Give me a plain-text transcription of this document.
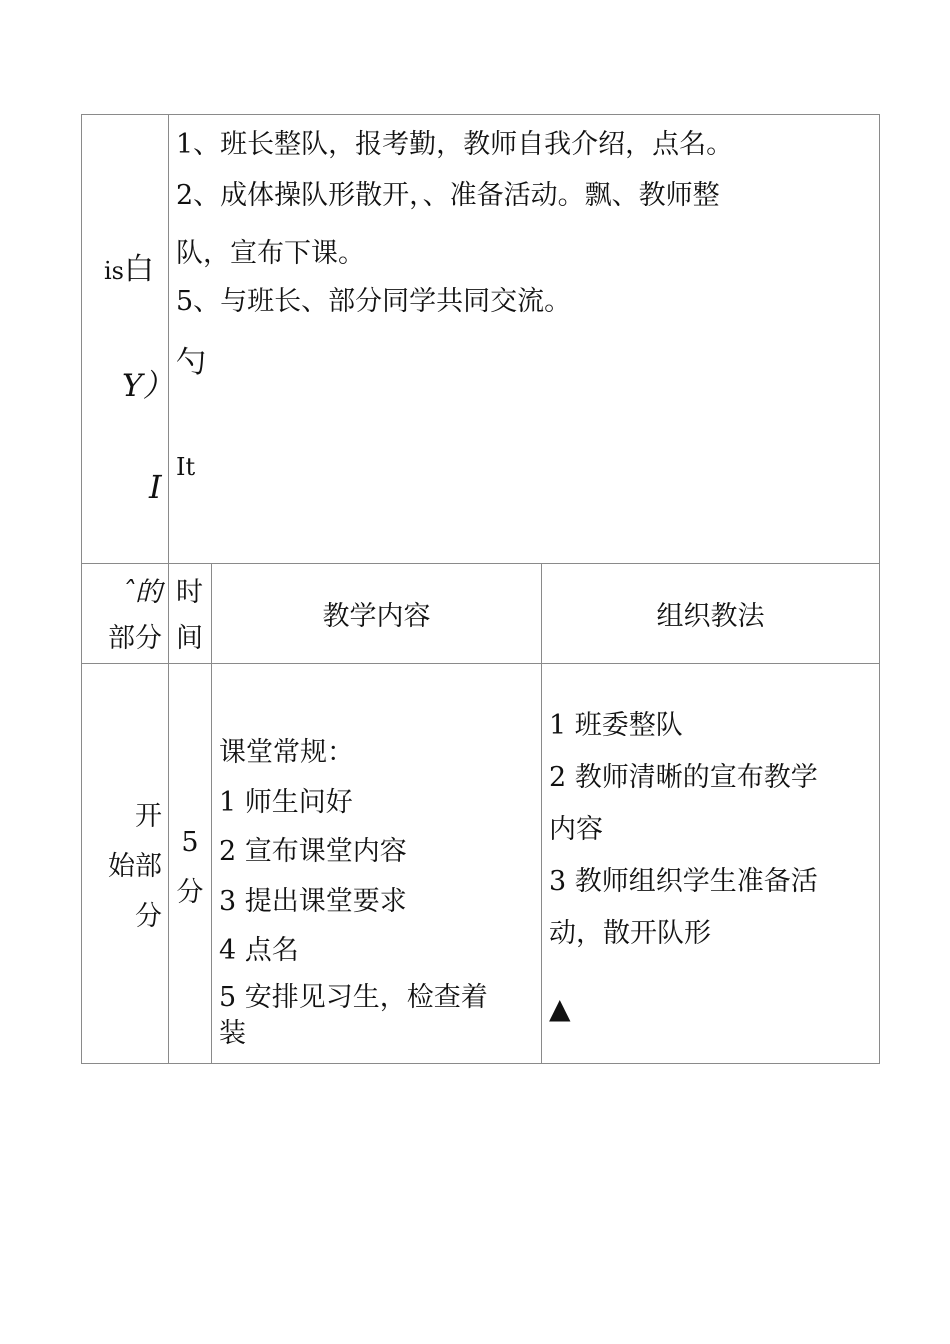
is白
Y）
I
1、班长整队，报考勤，教师自我介绍，点名。
2、成体操队形散开，、准备活动。飘、教师整
队，宣布下课。
5、与班长、部分同学共同交流。
勺
It
ˆ的
部分
时
间
教学内容	组织教法
开
始部
分
5
分
课堂常规：
1 师生问好
2 宣布课堂内容
3 提出课堂要求
4 点名
5 安排见习生，检查着
装
1 班委整队
2 教师清晰的宣布教学
内容
3 教师组织学生准备活
动，散开队形
▲
